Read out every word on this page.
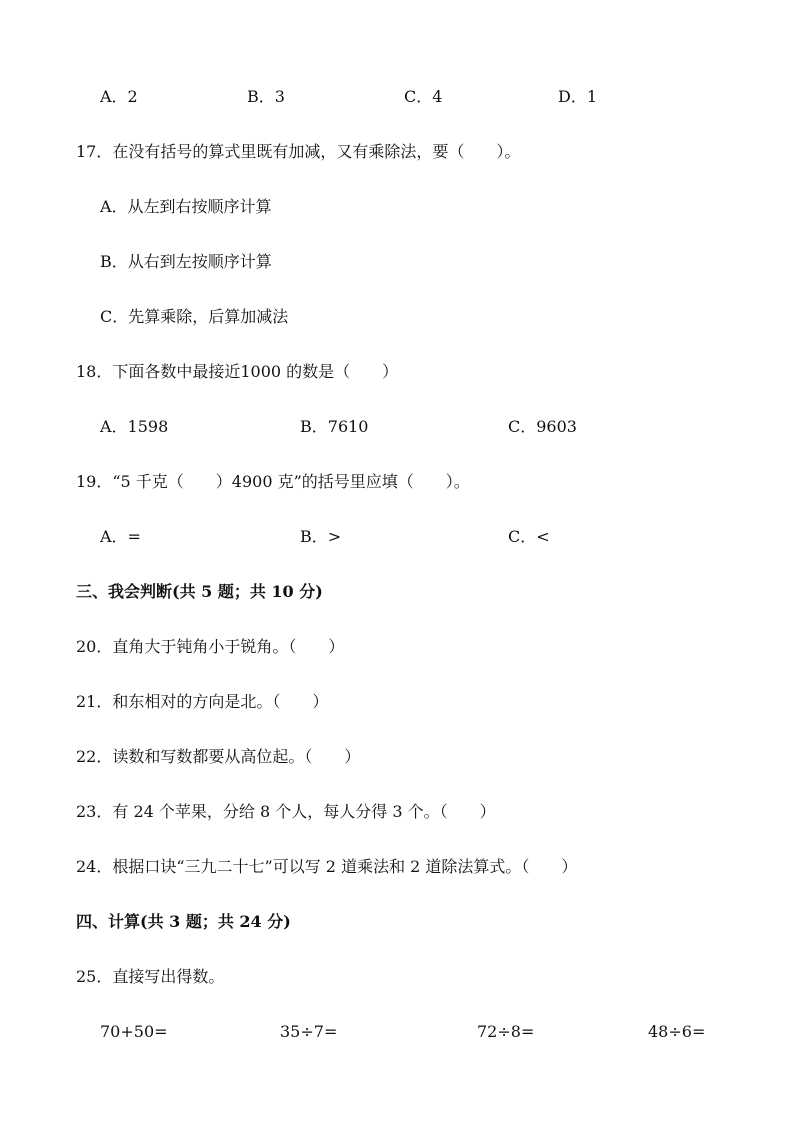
A．2	B．3	C．4	D．1
17．在没有括号的算式里既有加减，又有乘除法，要（　　）。
A．从左到右按顺序计算
B．从右到左按顺序计算
C．先算乘除，后算加减法
18．下面各数中最接近1000 的数是（　　）
A．1598	B．7610	C．9603
19．“5 千克（　　）4900 克”的括号里应填（　　）。
A．=	B．>	C．<
三、我会判断(共 5 题；共 10 分)
20．直角大于钝角小于锐角。（　　）
21．和东相对的方向是北。（　　）
22．读数和写数都要从高位起。（　　）
23．有 24 个苹果，分给 8 个人，每人分得 3 个。（　　）
24．根据口诀“三九二十七”可以写 2 道乘法和 2 道除法算式。（　　）
四、计算(共 3 题；共 24 分)
25．直接写出得数。
70+50=	35÷7=	72÷8=	48÷6=
